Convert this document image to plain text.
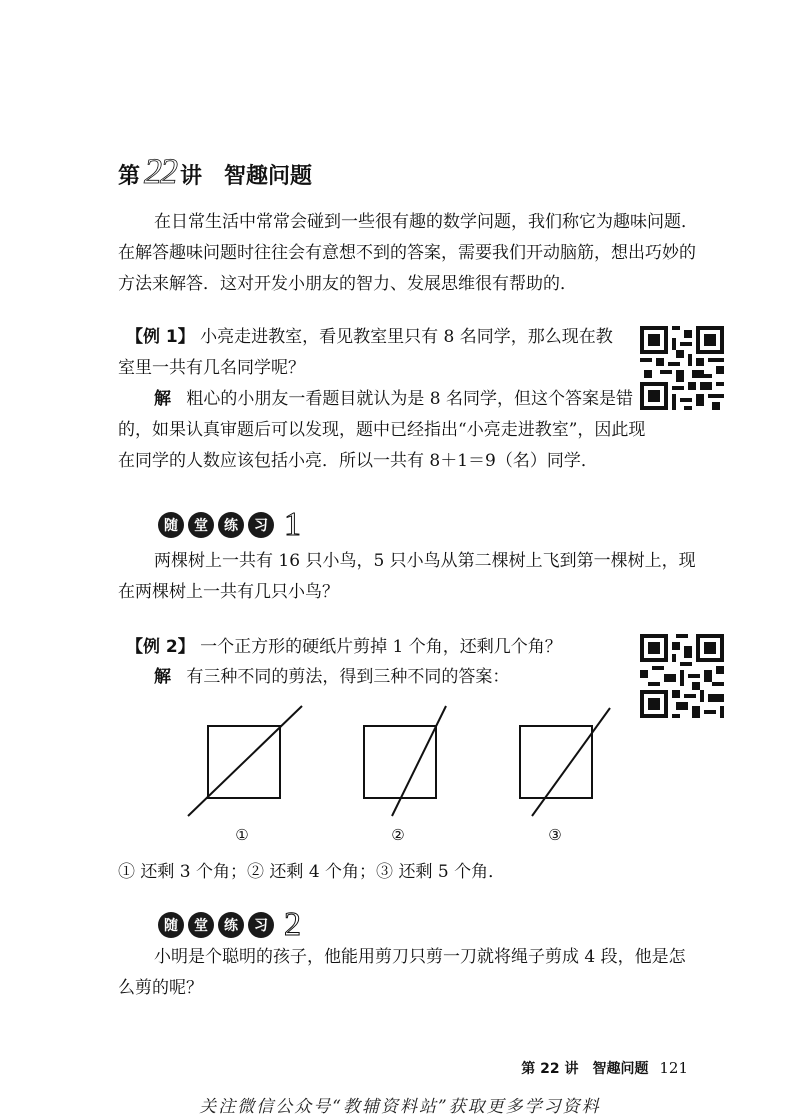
第 22 讲 智趣问题
在日常生活中常常会碰到一些很有趣的数学问题，我们称它为趣味问题．在解答趣味问题时往往会有意想不到的答案，需要我们开动脑筋，想出巧妙的方法来解答．这对开发小朋友的智力、发展思维很有帮助的．
【例 1】 小亮走进教室，看见教室里只有 8 名同学，那么现在教室里一共有几名同学呢？
解 粗心的小朋友一看题目就认为是 8 名同学，但这个答案是错的，如果认真审题后可以发现，题中已经指出“小亮走进教室”，因此现在同学的人数应该包括小亮．所以一共有 8＋1＝9（名）同学．
随	堂	练	习 1
两棵树上一共有 16 只小鸟，5 只小鸟从第二棵树上飞到第一棵树上，现在两棵树上一共有几只小鸟？
【例 2】 一个正方形的硬纸片剪掉 1 个角，还剩几个角？
解 有三种不同的剪法，得到三种不同的答案：
①	②	③
① 还剩 3 个角；② 还剩 4 个角；③ 还剩 5 个角．
随	堂	练	习 2
小明是个聪明的孩子，他能用剪刀只剪一刀就将绳子剪成 4 段，他是怎么剪的呢？
第 22 讲　智趣问题 121
关注微信公众号“教辅资料站”获取更多学习资料
